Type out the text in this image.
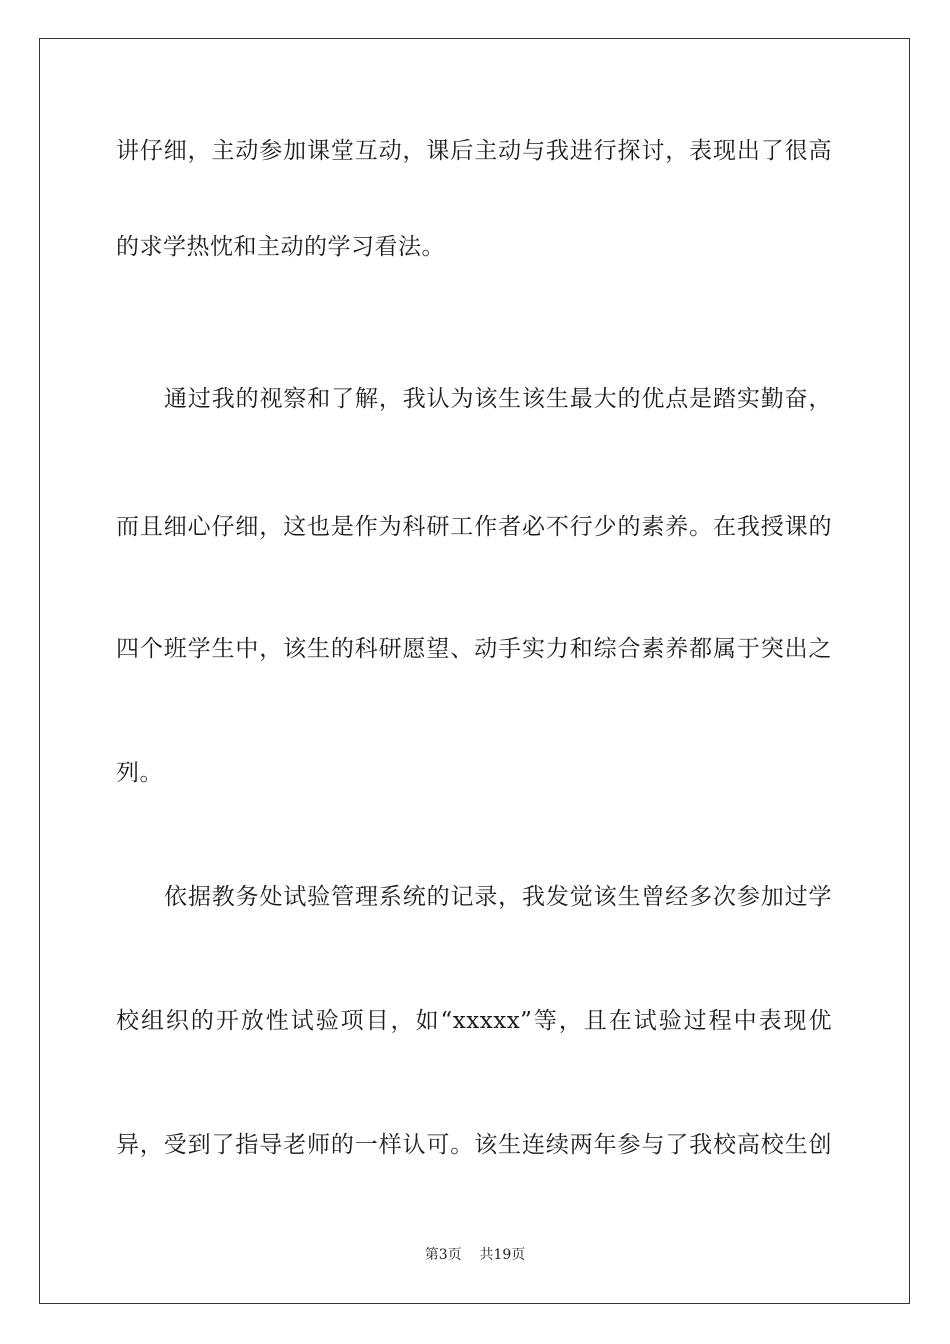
讲仔细，主动参加课堂互动，课后主动与我进行探讨，表现出了很高
的求学热忱和主动的学习看法。
通过我的视察和了解，我认为该生该生最大的优点是踏实勤奋，
而且细心仔细，这也是作为科研工作者必不行少的素养。在我授课的
四个班学生中，该生的科研愿望、动手实力和综合素养都属于突出之
列。
依据教务处试验管理系统的记录，我发觉该生曾经多次参加过学
校组织的开放性试验项目，如“xxxxx”等，且在试验过程中表现优
异，受到了指导老师的一样认可。该生连续两年参与了我校高校生创
第3页 共19页
